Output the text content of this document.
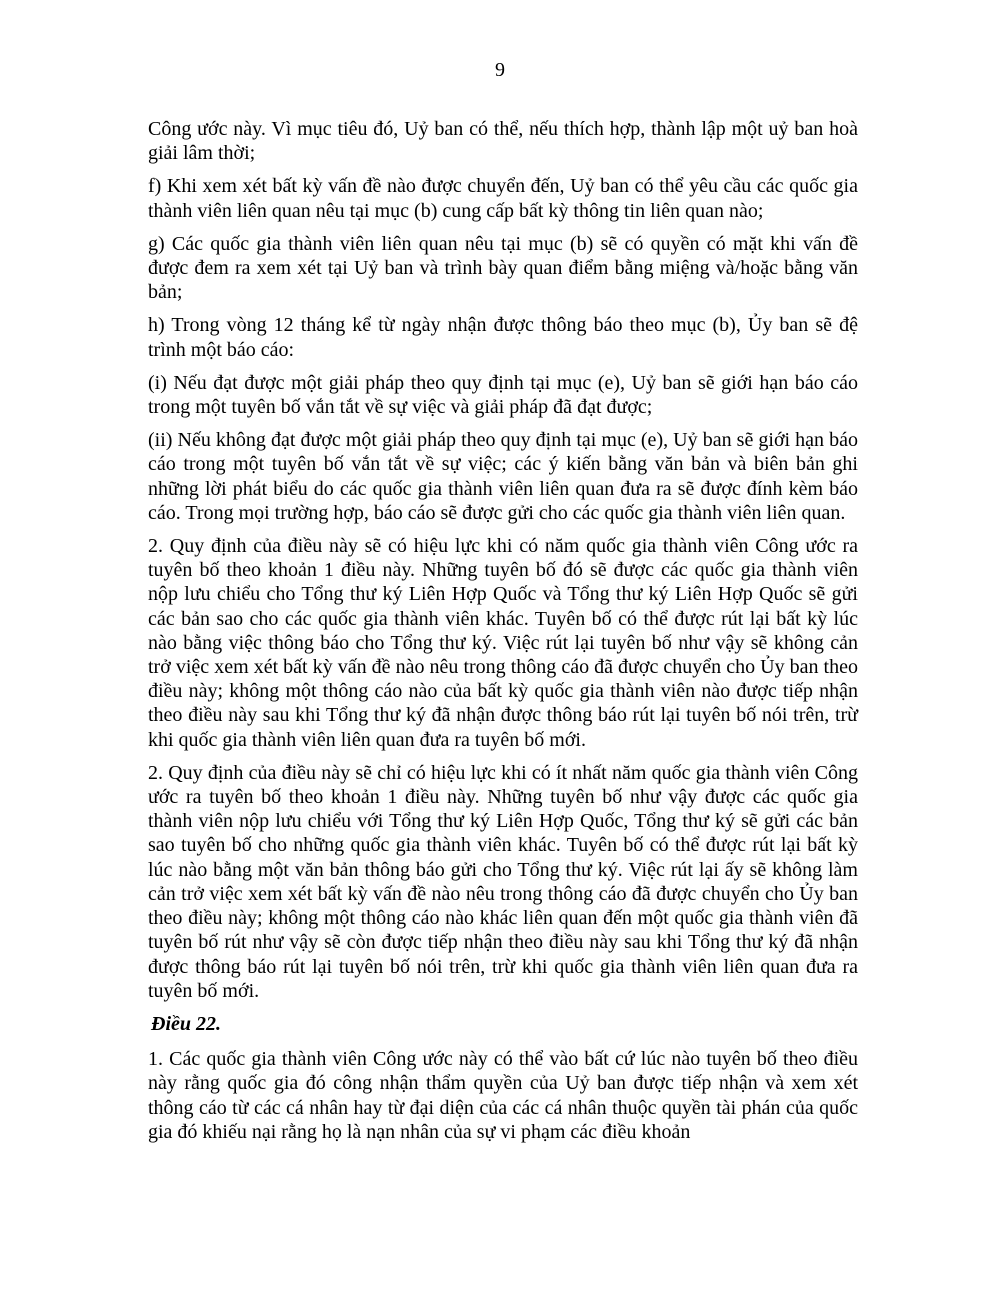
9

Công ước này. Vì mục tiêu đó, Uỷ ban có thể, nếu thích hợp, thành lập một uỷ ban hoà giải lâm thời;

f) Khi xem xét bất kỳ vấn đề nào được chuyển đến, Uỷ ban có thể yêu cầu các quốc gia thành viên liên quan nêu tại mục (b) cung cấp bất kỳ thông tin liên quan nào;

g) Các quốc gia thành viên liên quan nêu tại mục (b) sẽ có quyền có mặt khi vấn đề được đem ra xem xét tại Uỷ ban và trình bày quan điểm bằng miệng và/hoặc bằng văn bản;

h) Trong vòng 12 tháng kể từ ngày nhận được thông báo theo mục (b), Ủy ban sẽ đệ trình một báo cáo:

(i) Nếu đạt được một giải pháp theo quy định tại mục (e), Uỷ ban sẽ giới hạn báo cáo trong một tuyên bố vắn tắt về sự việc và giải pháp đã đạt được;

(ii) Nếu không đạt được một giải pháp theo quy định tại mục (e), Uỷ ban sẽ giới hạn báo cáo trong một tuyên bố vắn tắt về sự việc; các ý kiến bằng văn bản và biên bản ghi những lời phát biểu do các quốc gia thành viên liên quan đưa ra sẽ được đính kèm báo cáo. Trong mọi trường hợp, báo cáo sẽ được gửi cho các quốc gia thành viên liên quan.

2. Quy định của điều này sẽ có hiệu lực khi có năm quốc gia thành viên Công ước ra tuyên bố theo khoản 1 điều này. Những tuyên bố đó sẽ được các quốc gia thành viên nộp lưu chiểu cho Tổng thư ký Liên Hợp Quốc và Tổng thư ký Liên Hợp Quốc sẽ gửi các bản sao cho các quốc gia thành viên khác. Tuyên bố có thể được rút lại bất kỳ lúc nào bằng việc thông báo cho Tổng thư ký. Việc rút lại tuyên bố như vậy sẽ không cản trở việc xem xét bất kỳ vấn đề nào nêu trong thông cáo đã được chuyển cho Ủy ban theo điều này; không một thông cáo nào của bất kỳ quốc gia thành viên nào được tiếp nhận theo điều này sau khi Tổng thư ký đã nhận được thông báo rút lại tuyên bố nói trên, trừ khi quốc gia thành viên liên quan đưa ra tuyên bố mới.

2. Quy định của điều này sẽ chỉ có hiệu lực khi có ít nhất năm quốc gia thành viên Công ước ra tuyên bố theo khoản 1 điều này. Những tuyên bố như vậy được các quốc gia thành viên nộp lưu chiểu với Tổng thư ký Liên Hợp Quốc, Tổng thư ký sẽ gửi các bản sao tuyên bố cho những quốc gia thành viên khác. Tuyên bố có thể được rút lại bất kỳ lúc nào bằng một văn bản thông báo gửi cho Tổng thư ký. Việc rút lại ấy sẽ không làm cản trở việc xem xét bất kỳ vấn đề nào nêu trong thông cáo đã được chuyển cho Ủy ban theo điều này; không một thông cáo nào khác liên quan đến một quốc gia thành viên đã tuyên bố rút như vậy sẽ còn được tiếp nhận theo điều này sau khi Tổng thư ký đã nhận được thông báo rút lại tuyên bố nói trên, trừ khi quốc gia thành viên liên quan đưa ra tuyên bố mới.

Điều 22.

1. Các quốc gia thành viên Công ước này có thể vào bất cứ lúc nào tuyên bố theo điều này rằng quốc gia đó công nhận thẩm quyền của Uỷ ban được tiếp nhận và xem xét thông cáo từ các cá nhân hay từ đại diện của các cá nhân thuộc quyền tài phán của quốc gia đó khiếu nại rằng họ là nạn nhân của sự vi phạm các điều khoản
